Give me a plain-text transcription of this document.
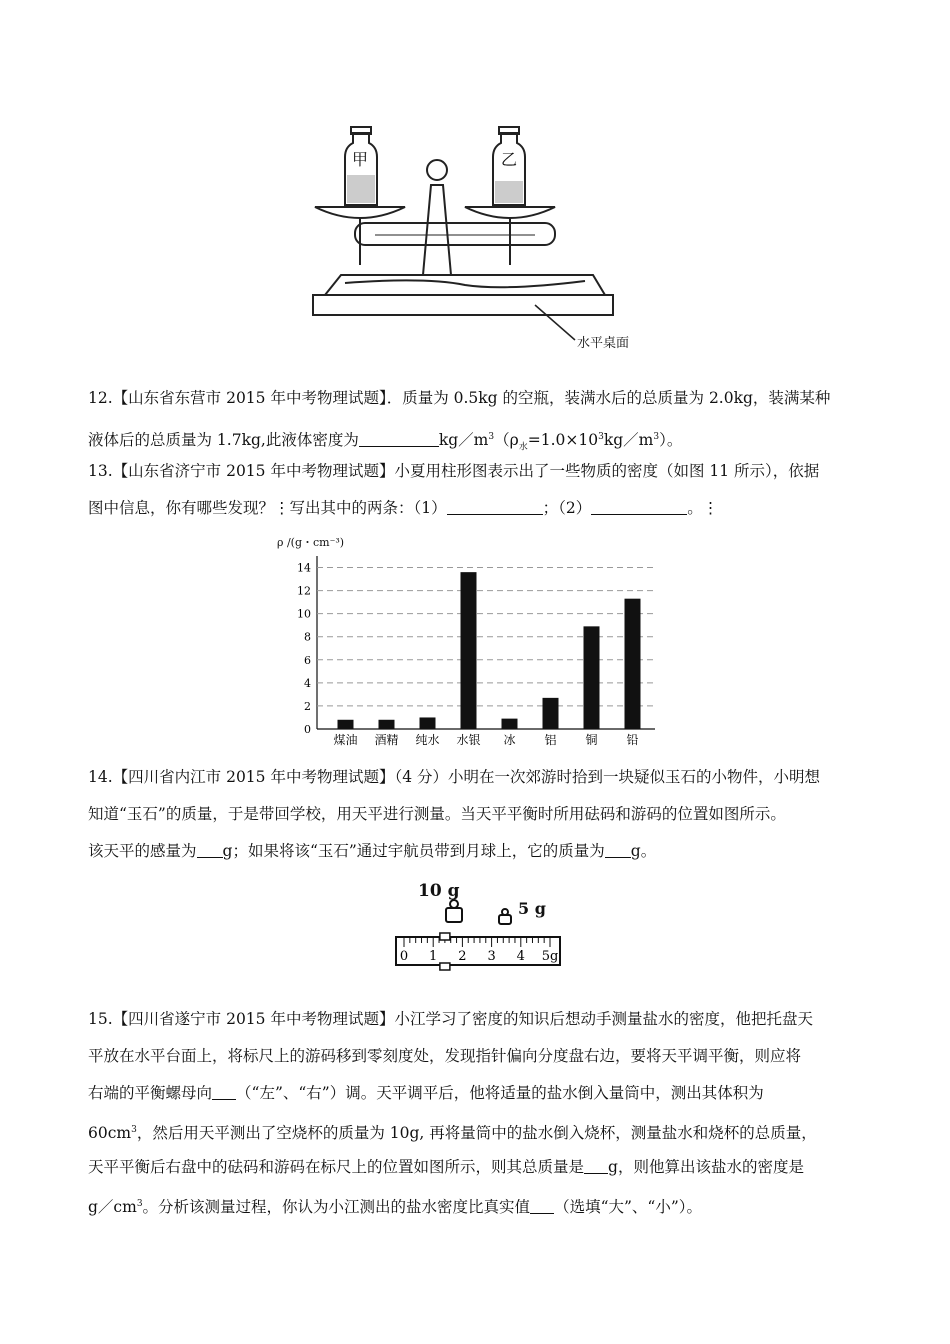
甲	乙
水平桌面
12.【山东省东营市 2015 年中考物理试题】．质量为 0.5kg 的空瓶，装满水后的总质量为 2.0kg，装满某种
液体后的总质量为 1.7kg,此液体密度为	$kg/m^3(\rho_水=1.0\times 10^3kg/m^3)$。
13.【山东省济宁市 2015 年中考物理试题】小夏用柱形图表示出了一些物质的密度（如图 11 所示），依据
图中信息，你有哪些发现？⋮写出其中的两条：（1）	；（2）	。⋮
ρ /(g・cm⁻³)
0
2
4
6
8
10
12
14
煤油 酒精 纯水 水银 冰 铝 铜 铅
14.【四川省内江市 2015 年中考物理试题】（4 分）小明在一次郊游时拾到一块疑似玉石的小物件，小明想
知道“玉石”的质量，于是带回学校，用天平进行测量。当天平平衡时所用砝码和游码的位置如图所示。
该天平的感量为 g；如果将该“玉石”通过宇航员带到月球上，它的质量为 g。
10 g
5 g
0 1 2 3 4 5g
15.【四川省遂宁市 2015 年中考物理试题】小江学习了密度的知识后想动手测量盐水的密度，他把托盘天
平放在水平台面上，将标尺上的游码移到零刻度处，发现指针偏向分度盘右边，要将天平调平衡，则应将
右端的平衡螺母向 （“左”、“右”）调。天平调平后，他将适量的盐水倒入量筒中，测出其体积为
$60cm^3$，然后用天平测出了空烧杯的质量为 10g, 再将量筒中的盐水倒入烧杯，测量盐水和烧杯的总质量，
天平平衡后右盘中的砝码和游码在标尺上的位置如图所示，则其总质量是 g，则他算出该盐水的密度是
$g/cm^3$。分析该测量过程，你认为小江测出的盐水密度比真实值 （选填“大”、“小”）。
